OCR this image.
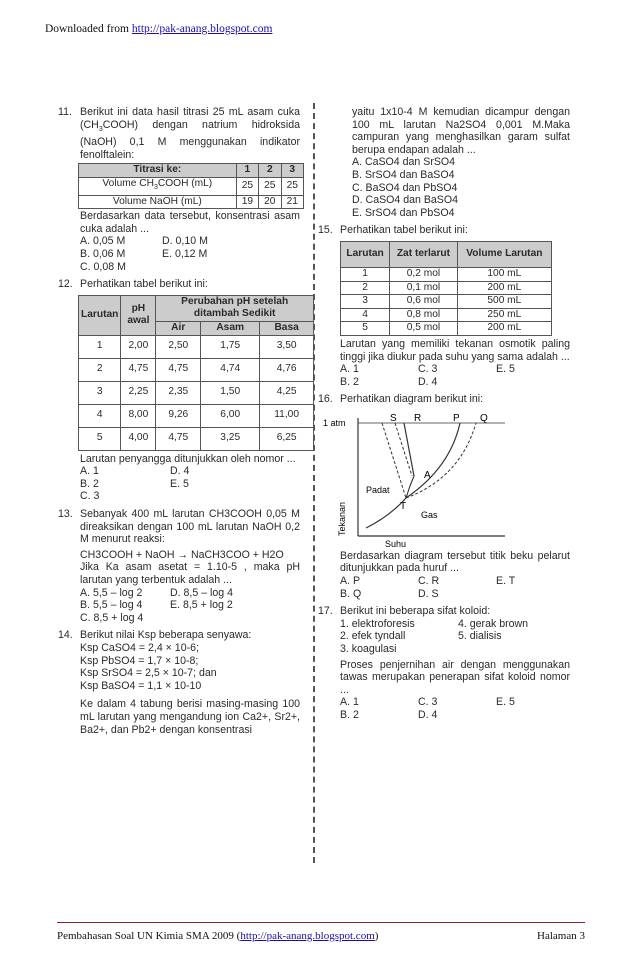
Downloaded from http://pak-anang.blogspot.com
11. Berikut ini data hasil titrasi 25 mL asam cuka $(CH_3COOH)$ dengan natrium hidroksida (NaOH) 0,1 M menggunakan indikator fenolftalein:
Titrasi ke:	1	2	3
Volume $CH_3COOH$ (mL)	25	25	25
Volume NaOH (mL)	19	20	21
Berdasarkan data tersebut, konsentrasi asam cuka adalah ...
A. 0,05 M	D. 0,10 M
B. 0,06 M	E. 0,12 M
C. 0,08 M
12. Perhatikan tabel berikut ini:
Larutan	pH awal	Perubahan pH setelah ditambah Sedikit		
		Air	Asam	Basa
1	2,00	2,50	1,75	3,50
2	4,75	4,75	4,74	4,76
3	2,25	2,35	1,50	4,25
4	8,00	9,26	6,00	11,00
5	4,00	4,75	3,25	6,25
Larutan penyangga ditunjukkan oleh nomor ...
A. 1	D. 4
B. 2	E. 5
C. 3
13. Sebanyak 400 mL larutan CH3COOH 0,05 M direaksikan dengan 100 mL larutan NaOH 0,2 M menurut reaksi:
CH3COOH + NaOH → NaCH3COO + H2O
Jika Ka asam asetat = 1.10-5 , maka pH larutan yang terbentuk adalah ...
A. 5,5 – log 2	D. 8,5 – log 4
B. 5,5 – log 4	E. 8,5 + log 2
C. 8,5 + log 4
14. Berikut nilai Ksp beberapa senyawa:
Ksp CaSO4 = 2,4 × 10-6;
Ksp PbSO4 = 1,7 × 10-8;
Ksp SrSO4 = 2,5 × 10-7; dan
Ksp BaSO4 = 1,1 × 10-10
Ke dalam 4 tabung berisi masing-masing 100 mL larutan yang mengandung ion Ca2+, Sr2+, Ba2+, dan Pb2+ dengan konsentrasi
yaitu 1x10-4 M kemudian dicampur dengan 100 mL larutan Na2SO4 0,001 M.Maka campuran yang menghasilkan garam sulfat berupa endapan adalah ...
A. CaSO4 dan SrSO4
B. SrSO4 dan BaSO4
C. BaSO4 dan PbSO4
D. CaSO4 dan BaSO4
E. SrSO4 dan PbSO4
15. Perhatikan tabel berikut ini:
Larutan	Zat terlarut	Volume Larutan
1	0,2 mol	100 mL
2	0,1 mol	200 mL
3	0,6 mol	500 mL
4	0,8 mol	250 mL
5	0,5 mol	200 mL
Larutan yang memiliki tekanan osmotik paling tinggi jika diukur pada suhu yang sama adalah ...
A. 1	C. 3	E. 5
B. 2	D. 4
16. Perhatikan diagram berikut ini:
1 atm	S R	P Q
A
T
Padat
Gas
Tekanan
Suhu
Berdasarkan diagram tersebut titik beku pelarut ditunjukkan pada huruf ...
A. P	C. R	E. T
B. Q	D. S
17. Berikut ini beberapa sifat koloid:
1. elektroforesis	4. gerak brown
2. efek tyndall	5. dialisis
3. koagulasi
Proses penjernihan air dengan menggunakan tawas merupakan penerapan sifat koloid nomor ...
A. 1	C. 3	E. 5
B. 2	D. 4
Pembahasan Soal UN Kimia SMA 2009 (http://pak-anang.blogspot.com)	Halaman 3
